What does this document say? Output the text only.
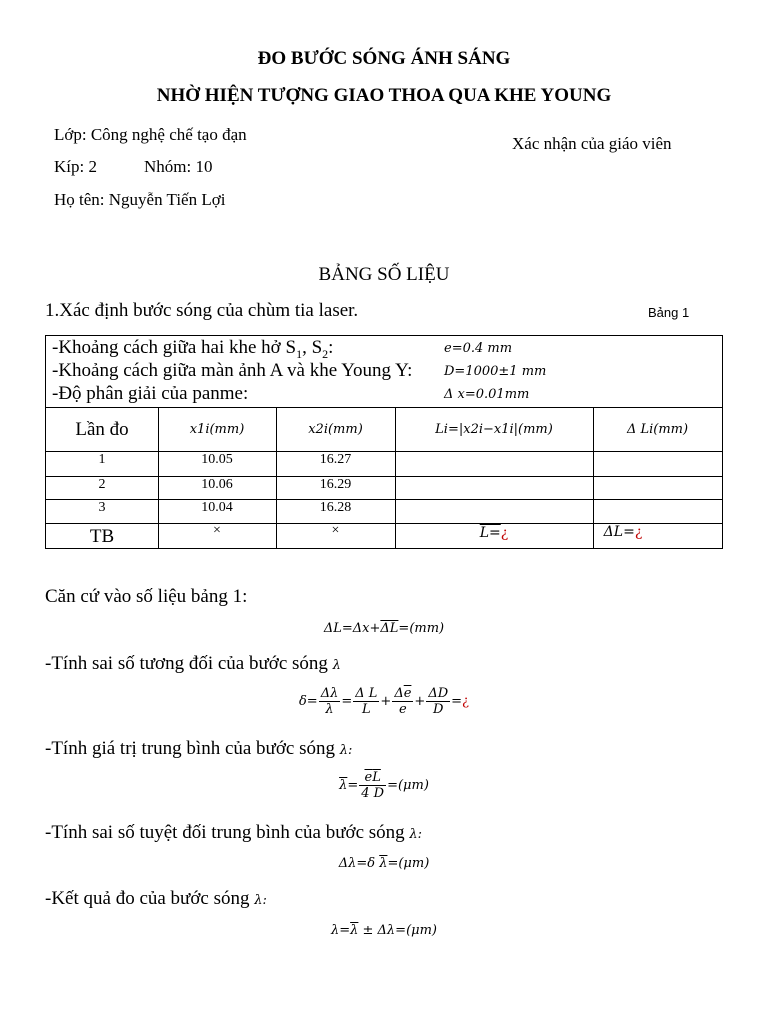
ĐO BƯỚC SÓNG ÁNH SÁNG
NHỜ HIỆN TƯỢNG GIAO THOA QUA KHE YOUNG
Lớp: Công nghệ chế tạo đạn
Kíp: 2	Nhóm: 10
Họ tên: Nguyễn Tiến Lợi
Xác nhận của giáo viên
BẢNG SỐ LIỆU
1.Xác định bước sóng của chùm tia laser.	Bảng 1
-Khoảng cách giữa hai khe hở $S_1$, $S_2$:	e=0.4 mm
-Khoảng cách giữa màn ảnh A và khe Young Y: D=1000±1 mm
-Độ phân giải của panme:	Δ x=0.01mm
Lần đo	x1i(mm)	x2i(mm)	Li=|x2i−x1i|(mm)	Δ Li(mm)
1	10.05	16.27
2	10.06	16.29
3	10.04	16.28
TB	×	×	L=¿	ΔL=¿
Căn cứ vào số liệu bảng 1:
$\Delta L=\Delta x+\overline{\Delta L}=(mm)$
-Tính sai số tương đối của bước sóng λ
$\delta= \frac{\Delta\lambda}{\lambda} = \frac{\text{Δ L}}{L} + \frac{\Delta\overline{e}}{e} + \frac{\Delta D}{D}$ =¿
-Tính giá trị trung bình của bước sóng λ:
$\overline{\lambda}= \frac{\overline{e}\overline{L}}{4 D} =(\mu m)$
-Tính sai số tuyệt đối trung bình của bước sóng λ:
Δλ=δ $\overline{\lambda}=(\mu m)$
-Kết quả đo của bước sóng λ:
$\lambda=\overline{\lambda} \pm \Delta\lambda=(\mu m)$
